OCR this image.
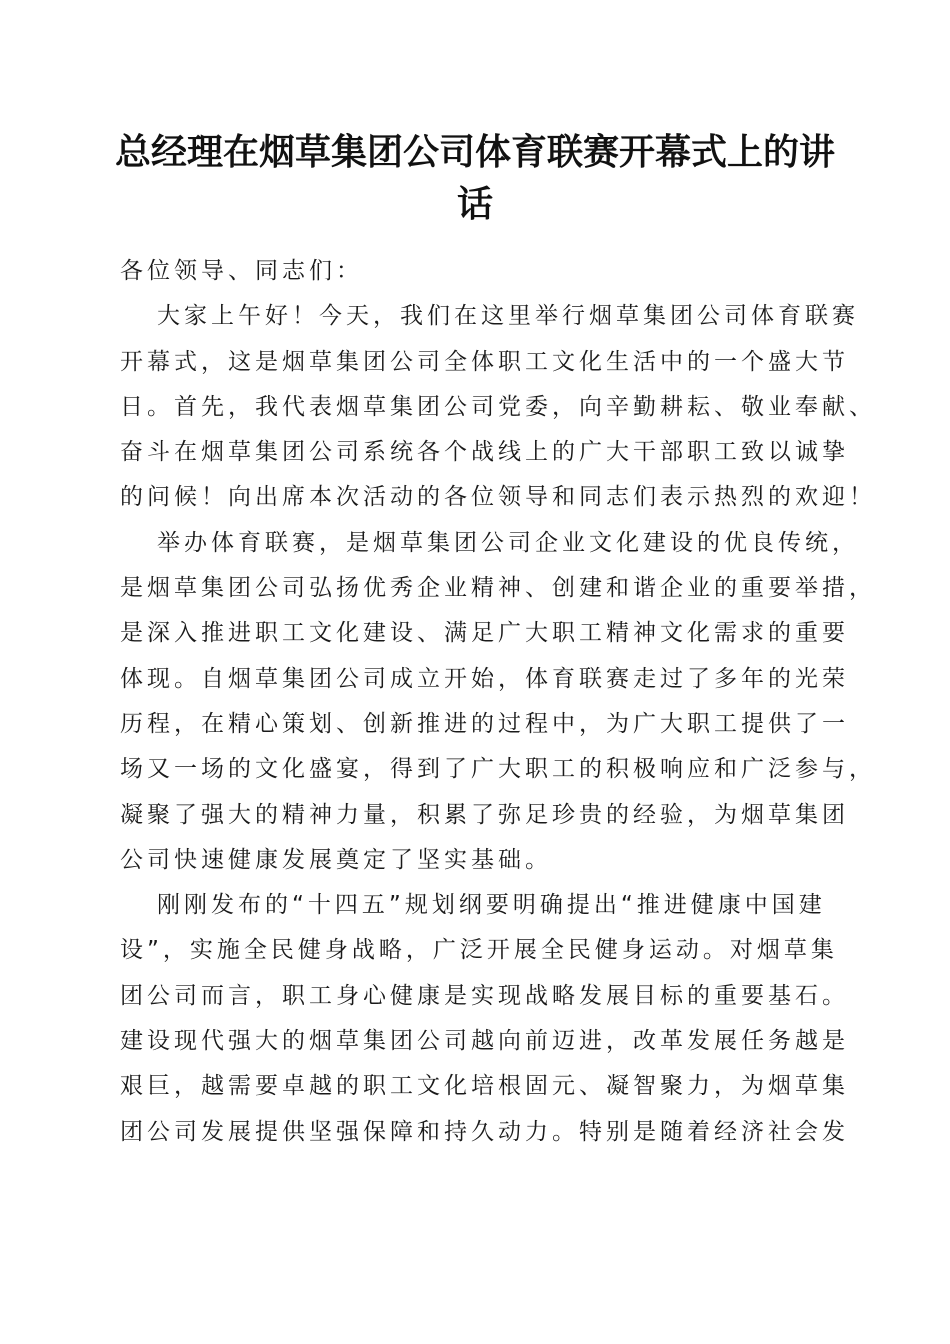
总经理在烟草集团公司体育联赛开幕式上的讲话
各位领导、同志们：
大家上午好！今天，我们在这里举行烟草集团公司体育联赛
开幕式，这是烟草集团公司全体职工文化生活中的一个盛大节
日。首先，我代表烟草集团公司党委，向辛勤耕耘、敬业奉献、
奋斗在烟草集团公司系统各个战线上的广大干部职工致以诚挚
的问候！向出席本次活动的各位领导和同志们表示热烈的欢迎！
举办体育联赛，是烟草集团公司企业文化建设的优良传统，
是烟草集团公司弘扬优秀企业精神、创建和谐企业的重要举措，
是深入推进职工文化建设、满足广大职工精神文化需求的重要
体现。自烟草集团公司成立开始，体育联赛走过了多年的光荣
历程，在精心策划、创新推进的过程中，为广大职工提供了一
场又一场的文化盛宴，得到了广大职工的积极响应和广泛参与，
凝聚了强大的精神力量，积累了弥足珍贵的经验，为烟草集团
公司快速健康发展奠定了坚实基础。
刚刚发布的“十四五”规划纲要明确提出“推进健康中国建
设”，实施全民健身战略，广泛开展全民健身运动。对烟草集
团公司而言，职工身心健康是实现战略发展目标的重要基石。
建设现代强大的烟草集团公司越向前迈进，改革发展任务越是
艰巨，越需要卓越的职工文化培根固元、凝智聚力，为烟草集
团公司发展提供坚强保障和持久动力。特别是随着经济社会发
